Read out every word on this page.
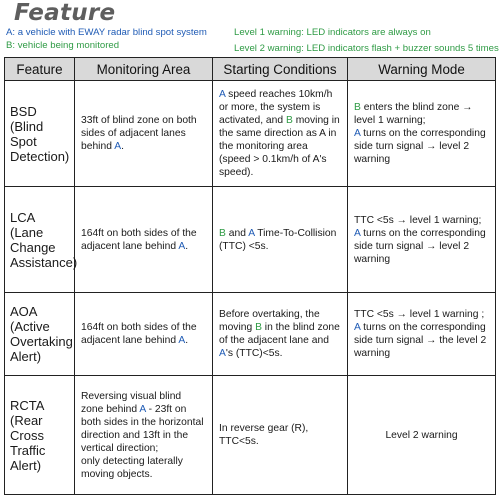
Feature
A: a vehicle with EWAY radar blind spot system
B: vehicle being monitored
Level 1 warning: LED indicators are always on
Level 2 warning: LED indicators flash + buzzer sounds 5 times
Feature	Monitoring Area	Starting Conditions	Warning Mode
BSD (Blind Spot Detection)	33ft of blind zone on both sides of adjacent lanes behind A.	A speed reaches 10km/h or more, the system is activated, and B moving in the same direction as A in the monitoring area (speed > 0.1km/h of A's speed).	B enters the blind zone → level 1 warning;
A turns on the corresponding side turn signal → level 2 warning
LCA (Lane Change Assistance)	164ft on both sides of the adjacent lane behind A.	B and A Time-To-Collision (TTC) <5s.	TTC <5s → level 1 warning;
A turns on the corresponding side turn signal → level 2 warning
AOA (Active Overtaking Alert)	164ft on both sides of the adjacent lane behind A.	Before overtaking, the moving B in the blind zone of the adjacent lane and A's (TTC)<5s.	TTC <5s → level 1 warning ;
A turns on the corresponding side turn signal → the level 2 warning
RCTA (Rear Cross Traffic Alert)	Reversing visual blind zone behind A - 23ft on both sides in the horizontal direction and 13ft in the vertical direction;
only detecting laterally moving objects.	In reverse gear (R), TTC<5s.	Level 2 warning
